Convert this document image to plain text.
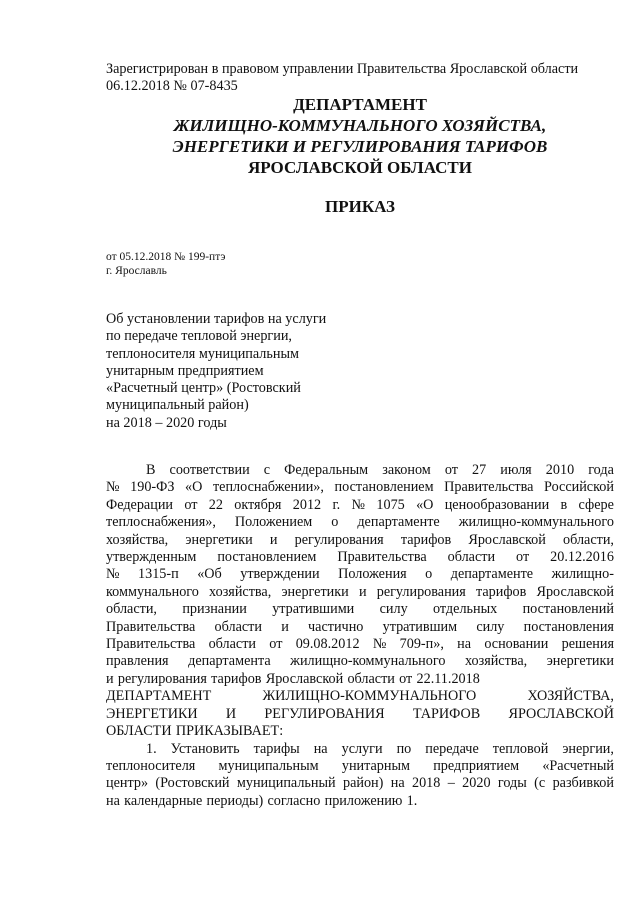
Зарегистрирован в правовом управлении Правительства Ярославской области
06.12.2018 № 07-8435
ДЕПАРТАМЕНТ
ЖИЛИЩНО-КОММУНАЛЬНОГО ХОЗЯЙСТВА,
ЭНЕРГЕТИКИ И РЕГУЛИРОВАНИЯ ТАРИФОВ
ЯРОСЛАВСКОЙ ОБЛАСТИ
ПРИКАЗ
от 05.12.2018 № 199-птэ
г. Ярославль
Об установлении тарифов на услуги
по передаче тепловой энергии,
теплоносителя муниципальным
унитарным предприятием
«Расчетный центр» (Ростовский
муниципальный район)
на 2018 – 2020 годы
В соответствии с Федеральным законом от 27 июля 2010 года
№ 190-ФЗ «О теплоснабжении», постановлением Правительства Российской
Федерации от 22 октября 2012 г. № 1075 «О ценообразовании в сфере
теплоснабжения», Положением о департаменте жилищно-коммунального
хозяйства, энергетики и регулирования тарифов Ярославской области,
утвержденным постановлением Правительства области от 20.12.2016
№ 1315-п «Об утверждении Положения о департаменте жилищно-
коммунального хозяйства, энергетики и регулирования тарифов Ярославской
области, признании утратившими силу отдельных постановлений
Правительства области и частично утратившим силу постановления
Правительства области от 09.08.2012 № 709-п», на основании решения
правления департамента жилищно-коммунального хозяйства, энергетики
и регулирования тарифов Ярославской области от 22.11.2018
ДЕПАРТАМЕНТ	ЖИЛИЩНО-КОММУНАЛЬНОГО	ХОЗЯЙСТВА,
ЭНЕРГЕТИКИ И РЕГУЛИРОВАНИЯ ТАРИФОВ ЯРОСЛАВСКОЙ
ОБЛАСТИ ПРИКАЗЫВАЕТ:
1. Установить тарифы на услуги по передаче тепловой энергии,
теплоносителя муниципальным унитарным предприятием «Расчетный
центр» (Ростовский муниципальный район) на 2018 – 2020 годы (с разбивкой
на календарные периоды) согласно приложению 1.
